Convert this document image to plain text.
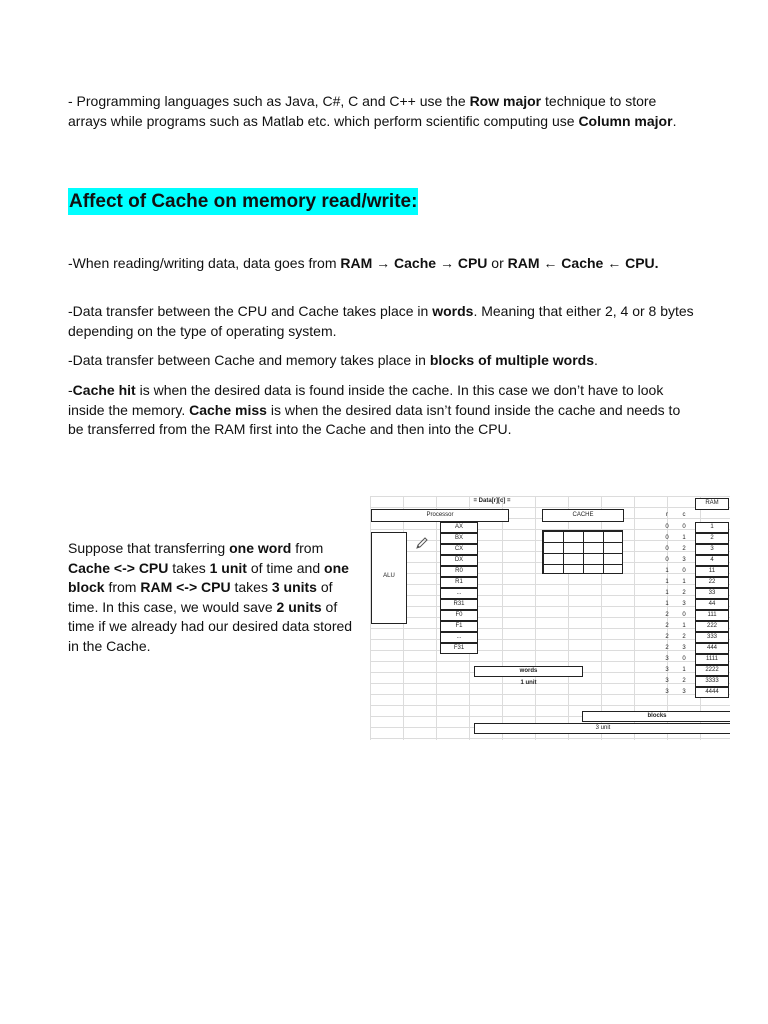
- Programming languages such as Java, C#, C and C++ use the Row major technique to store arrays while programs such as Matlab etc. which perform scientific computing use Column major.

Affect of Cache on memory read/write:

-When reading/writing data, data goes from RAM → Cache → CPU or RAM ← Cache ← CPU.

-Data transfer between the CPU and Cache takes place in words. Meaning that either 2, 4 or 8 bytes depending on the type of operating system.

-Data transfer between Cache and memory takes place in blocks of multiple words.

-Cache hit is when the desired data is found inside the cache. In this case we don’t have to look inside the memory. Cache miss is when the desired data isn’t found inside the cache and needs to be transferred from the RAM first into the Cache and then into the CPU.

Suppose that transferring one word from Cache <-> CPU takes 1 unit of time and one block from RAM <-> CPU takes 3 units of time. In this case, we would save 2 units of time if we already had our desired data stored in the Cache.

= Data[r][c] =	RAM
Processor	CACHE	r	c
ALU
AX
BX
CX
DX
R0
R1
...
R31
F0
F1
...
F31
0	0	1
0	1	2
0	2	3
0	3	4
1	0	11
1	1	22
1	2	33
1	3	44
2	0	111
2	1	222
2	2	333
2	3	444
3	0	1111
3	1	2222
3	2	3333
3	3	4444
words
1 unit
blocks
3 unit
